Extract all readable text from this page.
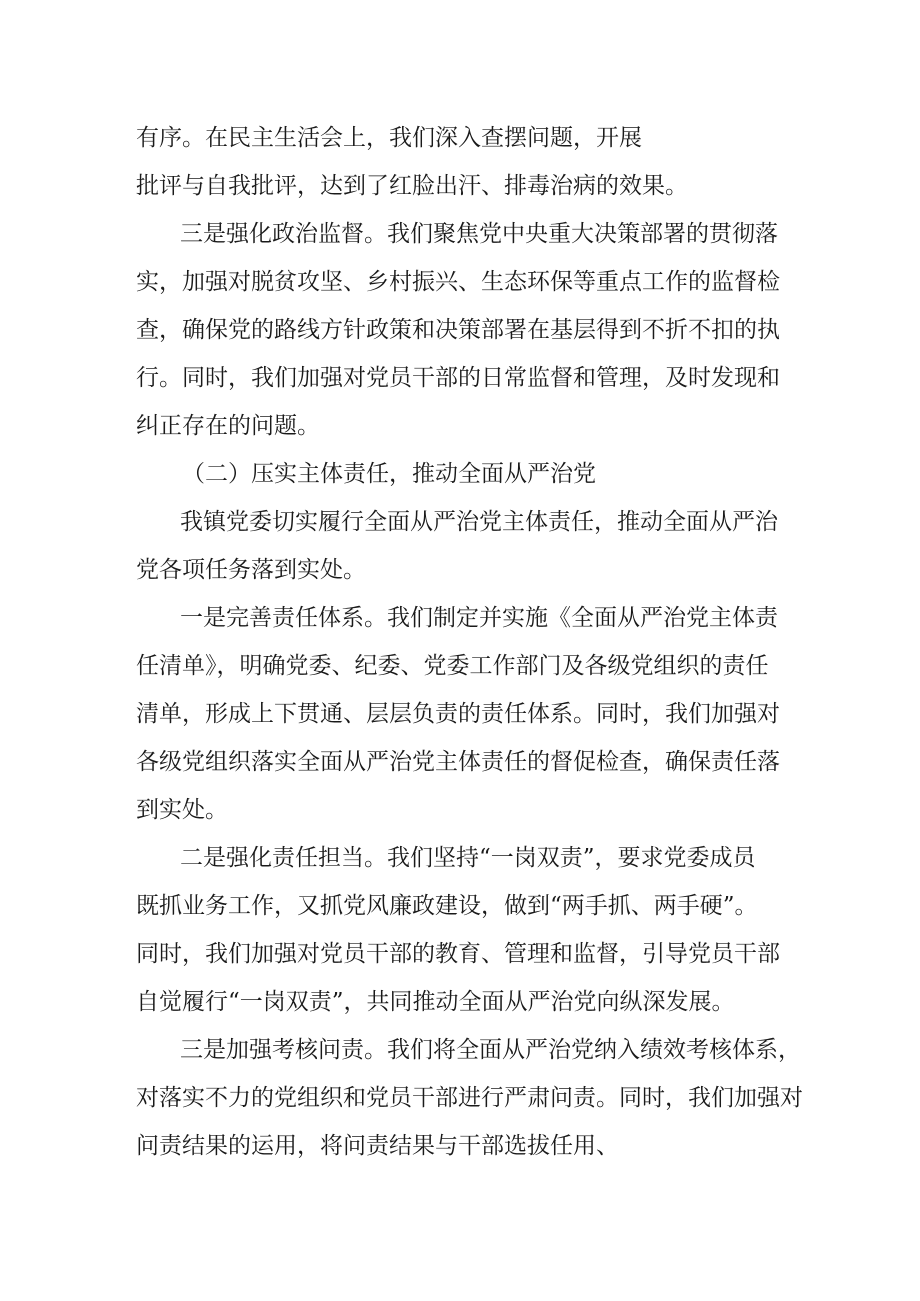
有序。在民主生活会上，我们深入查摆问题，开展

批评与自我批评，达到了红脸出汗、排毒治病的效果。

三是强化政治监督。我们聚焦党中央重大决策部署的贯彻落

实，加强对脱贫攻坚、乡村振兴、生态环保等重点工作的监督检

查，确保党的路线方针政策和决策部署在基层得到不折不扣的执

行。同时，我们加强对党员干部的日常监督和管理，及时发现和

纠正存在的问题。

（二）压实主体责任，推动全面从严治党

我镇党委切实履行全面从严治党主体责任，推动全面从严治

党各项任务落到实处。

一是完善责任体系。我们制定并实施《全面从严治党主体责

任清单》，明确党委、纪委、党委工作部门及各级党组织的责任

清单，形成上下贯通、层层负责的责任体系。同时，我们加强对

各级党组织落实全面从严治党主体责任的督促检查，确保责任落

到实处。

二是强化责任担当。我们坚持“一岗双责”，要求党委成员

既抓业务工作，又抓党风廉政建设，做到“两手抓、两手硬”。

同时，我们加强对党员干部的教育、管理和监督，引导党员干部

自觉履行“一岗双责”，共同推动全面从严治党向纵深发展。

三是加强考核问责。我们将全面从严治党纳入绩效考核体系，

对落实不力的党组织和党员干部进行严肃问责。同时，我们加强对

问责结果的运用，将问责结果与干部选拔任用、
